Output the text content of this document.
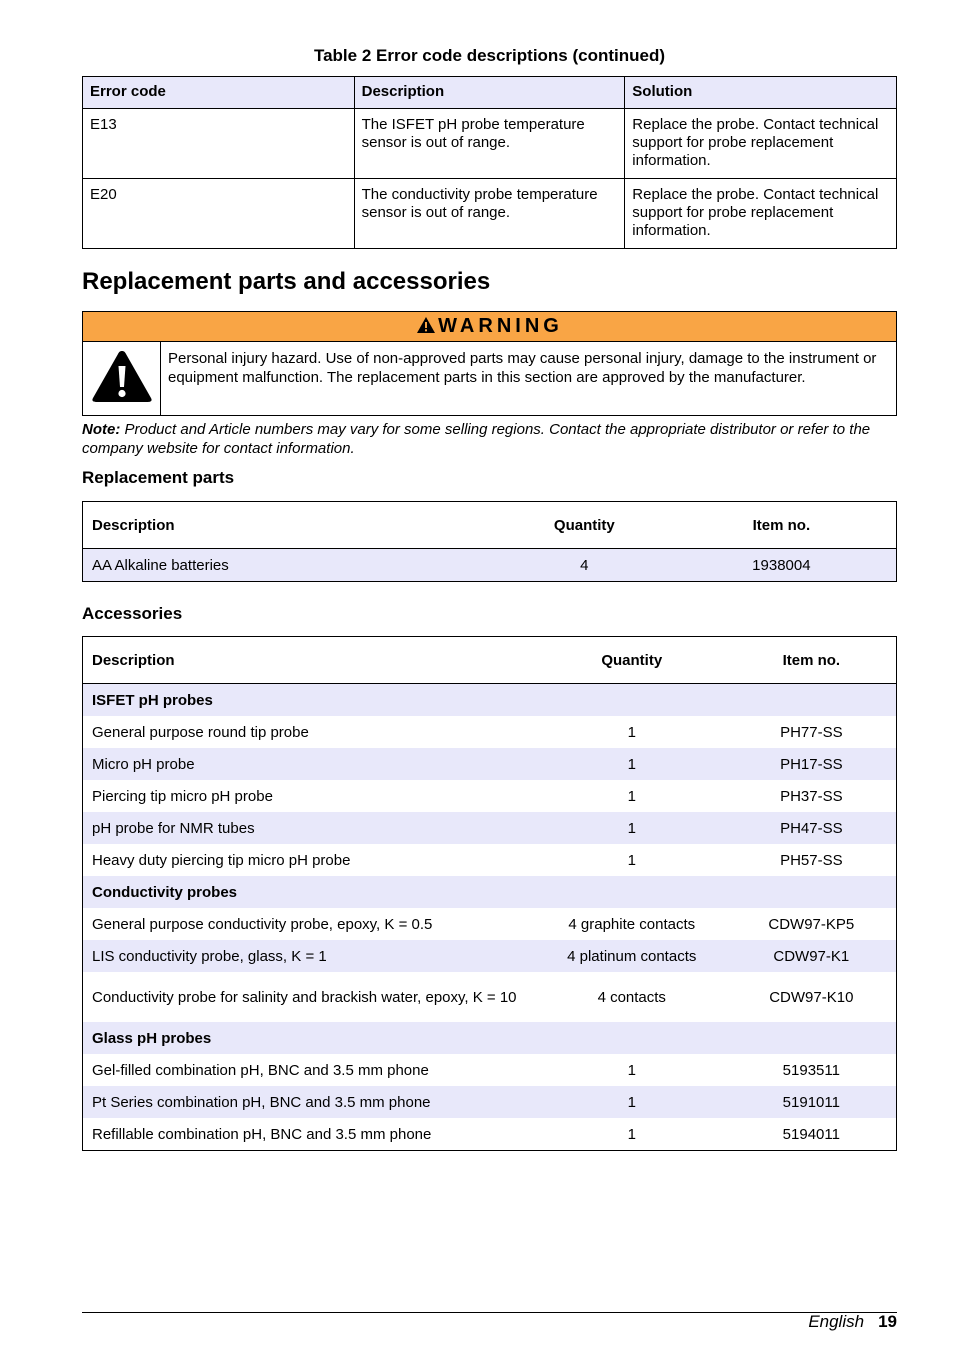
Table 2 Error code descriptions (continued)
Error code	Description	Solution
E13	The ISFET pH probe temperature sensor is out of range.	Replace the probe. Contact technical support for probe replacement information.
E20	The conductivity probe temperature sensor is out of range.	Replace the probe. Contact technical support for probe replacement information.
Replacement parts and accessories
WARNING
	Personal injury hazard. Use of non-approved parts may cause personal injury, damage to the instrument or equipment malfunction. The replacement parts in this section are approved by the manufacturer.
Note: Product and Article numbers may vary for some selling regions. Contact the appropriate distributor or refer to the company website for contact information.
Replacement parts
Description	Quantity	Item no.
AA Alkaline batteries	4	1938004
Accessories
Description	Quantity	Item no.
ISFET pH probes		
General purpose round tip probe	1	PH77-SS
Micro pH probe	1	PH17-SS
Piercing tip micro pH probe	1	PH37-SS
pH probe for NMR tubes	1	PH47-SS
Heavy duty piercing tip micro pH probe	1	PH57-SS
Conductivity probes		
General purpose conductivity probe, epoxy, K = 0.5	4 graphite contacts	CDW97-KP5
LIS conductivity probe, glass, K = 1	4 platinum contacts	CDW97-K1
Conductivity probe for salinity and brackish water, epoxy, K = 10	4 contacts	CDW97-K10
Glass pH probes		
Gel-filled combination pH, BNC and 3.5 mm phone	1	5193511
Pt Series combination pH, BNC and 3.5 mm phone	1	5191011
Refillable combination pH, BNC and 3.5 mm phone	1	5194011
English 19
